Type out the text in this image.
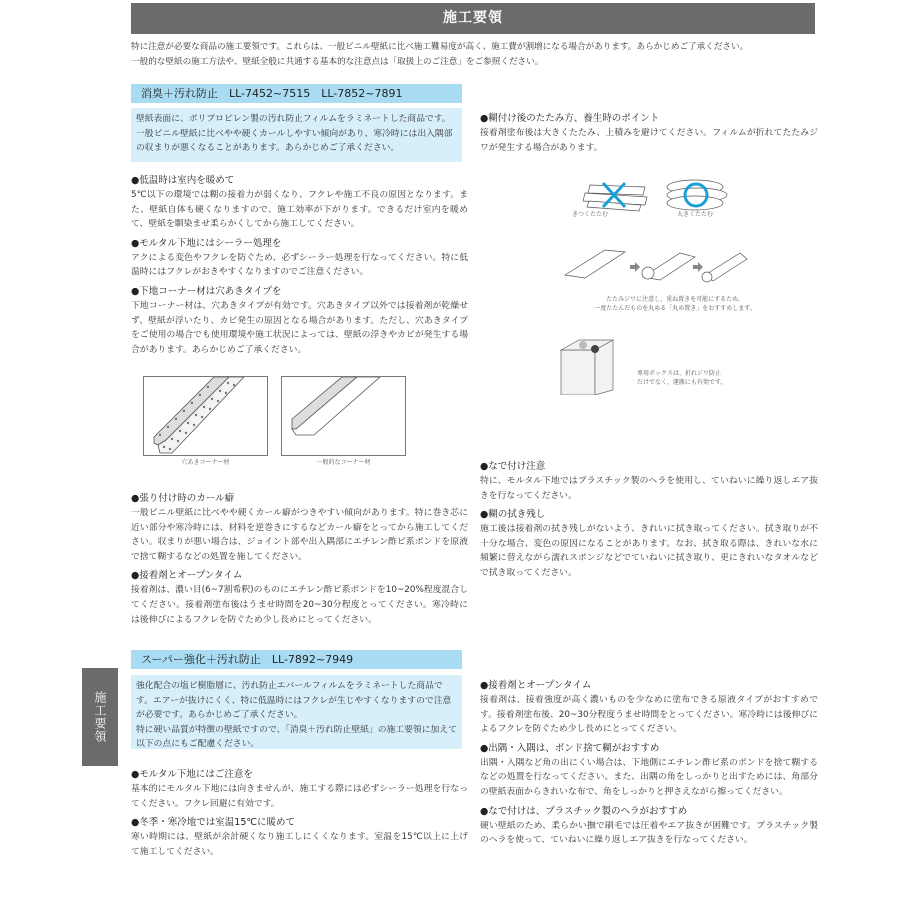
施工要領
特に注意が必要な商品の施工要領です。これらは、一般ビニル壁紙に比べ施工難易度が高く、施工費が割増になる場合があります。あらかじめご了承ください。
一般的な壁紙の施工方法や、壁紙全般に共通する基本的な注意点は「取扱上のご注意」をご参照ください。
消臭＋汚れ防止　LL-7452~7515　LL-7852~7891
壁紙表面に、ポリプロピレン製の汚れ防止フィルムをラミネートした商品です。一般ビニル壁紙に比べやや硬くカールしやすい傾向があり、寒冷時には出入隅部の収まりが悪くなることがあります。あらかじめご了承ください。
●低温時は室内を暖めて

5℃以下の環境では糊の接着力が弱くなり、フクレや施工不良の原因となります。また、壁紙自体も硬くなりますので、施工効率が下がります。できるだけ室内を暖めて、壁紙を馴染ませ柔らかくしてから施工してください。

●モルタル下地にはシーラー処理を

アクによる変色やフクレを防ぐため、必ずシーラー処理を行なってください。特に低温時にはフクレがおきやすくなりますのでご注意ください。

●下地コーナー材は穴あきタイプを

下地コーナー材は、穴あきタイプが有効です。穴あきタイプ以外では接着剤が乾燥せず、壁紙が浮いたり、カビ発生の原因となる場合があります。ただし、穴あきタイプをご使用の場合でも使用環境や施工状況によっては、壁紙の浮きやカビが発生する場合があります。あらかじめご了承ください。

穴あきコーナー材	一般的なコーナー材
●張り付け時のカール癖

一般ビニル壁紙に比べやや硬くカール癖がつきやすい傾向があります。特に巻き芯に近い部分や寒冷時には、材料を逆巻きにするなどカール癖をとってから施工してください。収まりが悪い場合は、ジョイント部や出入隅部にエチレン酢ビ系ボンドを原液で捨て糊するなどの処置を施してください。

●接着剤とオープンタイム

接着剤は、濃い目(6~7割希釈)のものにエチレン酢ビ系ボンドを10~20%程度混合してください。接着剤塗布後はうませ時間を20~30分程度とってください。寒冷時には後伸びによるフクレを防ぐため少し長めにとってください。

●糊付け後のたたみ方、養生時のポイント

接着剤塗布後は大きくたたみ、上積みを避けてください。フィルムが折れてたたみジワが発生する場合があります。

きつくたたむ	大きくたたむ
たたみジワに注意し、重ね置きを可能にするため、
一度たたんだものを丸める「丸め置き」をおすすめします。
専用ボックスは、折れジワ防止
だけでなく、運搬にも有効です。
●なで付け注意

特に、モルタル下地ではプラスチック製のヘラを使用し、ていねいに繰り返しエア抜きを行なってください。

●糊の拭き残し

施工後は接着剤の拭き残しがないよう、きれいに拭き取ってください。拭き取りが不十分な場合、変色の原因になることがあります。なお、拭き取る際は、きれいな水に頻繁に替えながら濡れスポンジなどでていねいに拭き取り、更にきれいなタオルなどで拭き取ってください。

施工要領
スーパー強化＋汚れ防止　LL-7892~7949
強化配合の塩ビ樹脂層に、汚れ防止エバールフィルムをラミネートした商品です。エアーが抜けにくく、特に低温時にはフクレが生じやすくなりますので注意が必要です。あらかじめご了承ください。
特に硬い品質が特徴の壁紙ですので、「消臭＋汚れ防止壁紙」の施工要領に加えて以下の点にもご配慮ください。
●モルタル下地にはご注意を

基本的にモルタル下地には向きませんが、施工する際には必ずシーラー処理を行なってください。フクレ回避に有効です。

●冬季・寒冷地では室温15℃に暖めて

寒い時期には、壁紙が余計硬くなり施工しにくくなります。室温を15℃以上に上げて施工してください。

●接着剤とオープンタイム

接着剤は、接着強度が高く濃いものを少なめに塗布できる原液タイプがおすすめです。接着剤塗布後、20~30分程度うませ時間をとってください。寒冷時には後伸びによるフクレを防ぐため少し長めにとってください。

●出隅・入隅は、ボンド捨て糊がおすすめ

出隅・入隅など角の出にくい場合は、下地側にエチレン酢ビ系のボンドを捨て糊するなどの処置を行なってください。また、出隅の角をしっかりと出すためには、角部分の壁紙表面からきれいな布で、角をしっかりと押さえながら擦ってください。

●なで付けは、プラスチック製のヘラがおすすめ

硬い壁紙のため、柔らかい撫で刷毛では圧着やエア抜きが困難です。プラスチック製のヘラを使って、ていねいに繰り返しエア抜きを行なってください。
